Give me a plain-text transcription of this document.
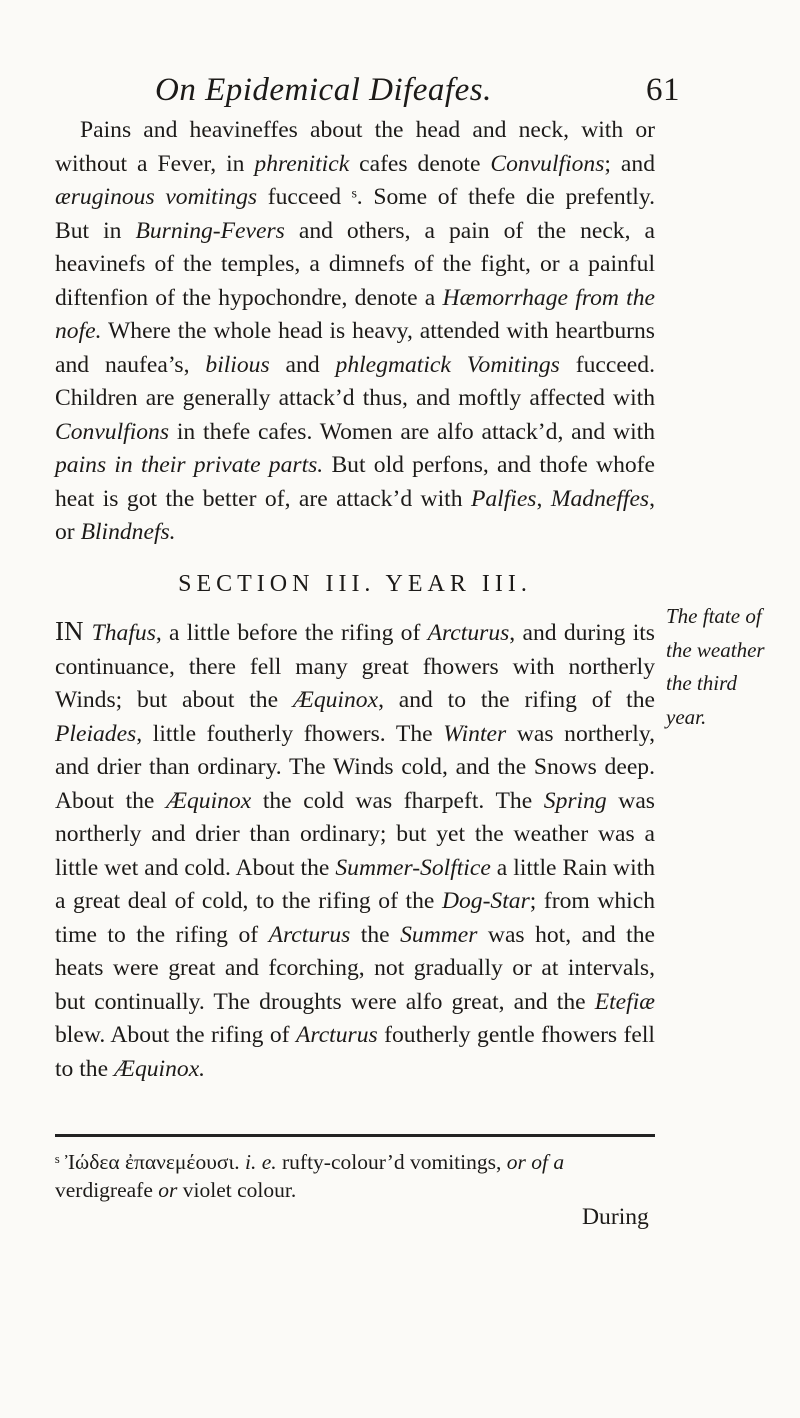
On Epidemical Difeafes.	61

Pains and heavineffes about the head and neck, with or without a Fever, in phrenitick cafes denote Convulfions; and æruginous vomitings fucceed ˢ. Some of thefe die prefently. But in Burning-Fevers and others, a pain of the neck, a heavinefs of the temples, a dimnefs of the fight, or a painful diftenfion of the hypochondre, denote a Hæmorrhage from the nofe. Where the whole head is heavy, attended with heartburns and naufea’s, bilious and phlegmatick Vomitings fucceed. Children are generally attack’d thus, and moftly affected with Convulfions in thefe cafes. Women are alfo attack’d, and with pains in their private parts. But old perfons, and thofe whofe heat is got the better of, are attack’d with Palfies, Madneffes, or Blindnefs.

SECTION III. YEAR III.

IN Thafus, a little before the rifing of Arcturus, and during its continuance, there fell many great fhowers with northerly Winds; but about the Æquinox, and to the rifing of the Pleiades, little foutherly fhowers. The Winter was northerly, and drier than ordinary. The Winds cold, and the Snows deep. About the Æquinox the cold was fharpeft. The Spring was northerly and drier than ordinary; but yet the weather was a little wet and cold. About the Summer-Solftice a little Rain with a great deal of cold, to the rifing of the Dog-Star; from which time to the rifing of Arcturus the Summer was hot, and the heats were great and fcorching, not gradually or at intervals, but continually. The droughts were alfo great, and the Etefiæ blew. About the rifing of Arcturus foutherly gentle fhowers fell to the Æquinox.

The ftate of
the weather
the third
year.
ˢ Ἰώδεα ἐπανεμέουσι. i. e. rufty-colour’d vomitings, or of a verdigreafe or violet colour.
During
